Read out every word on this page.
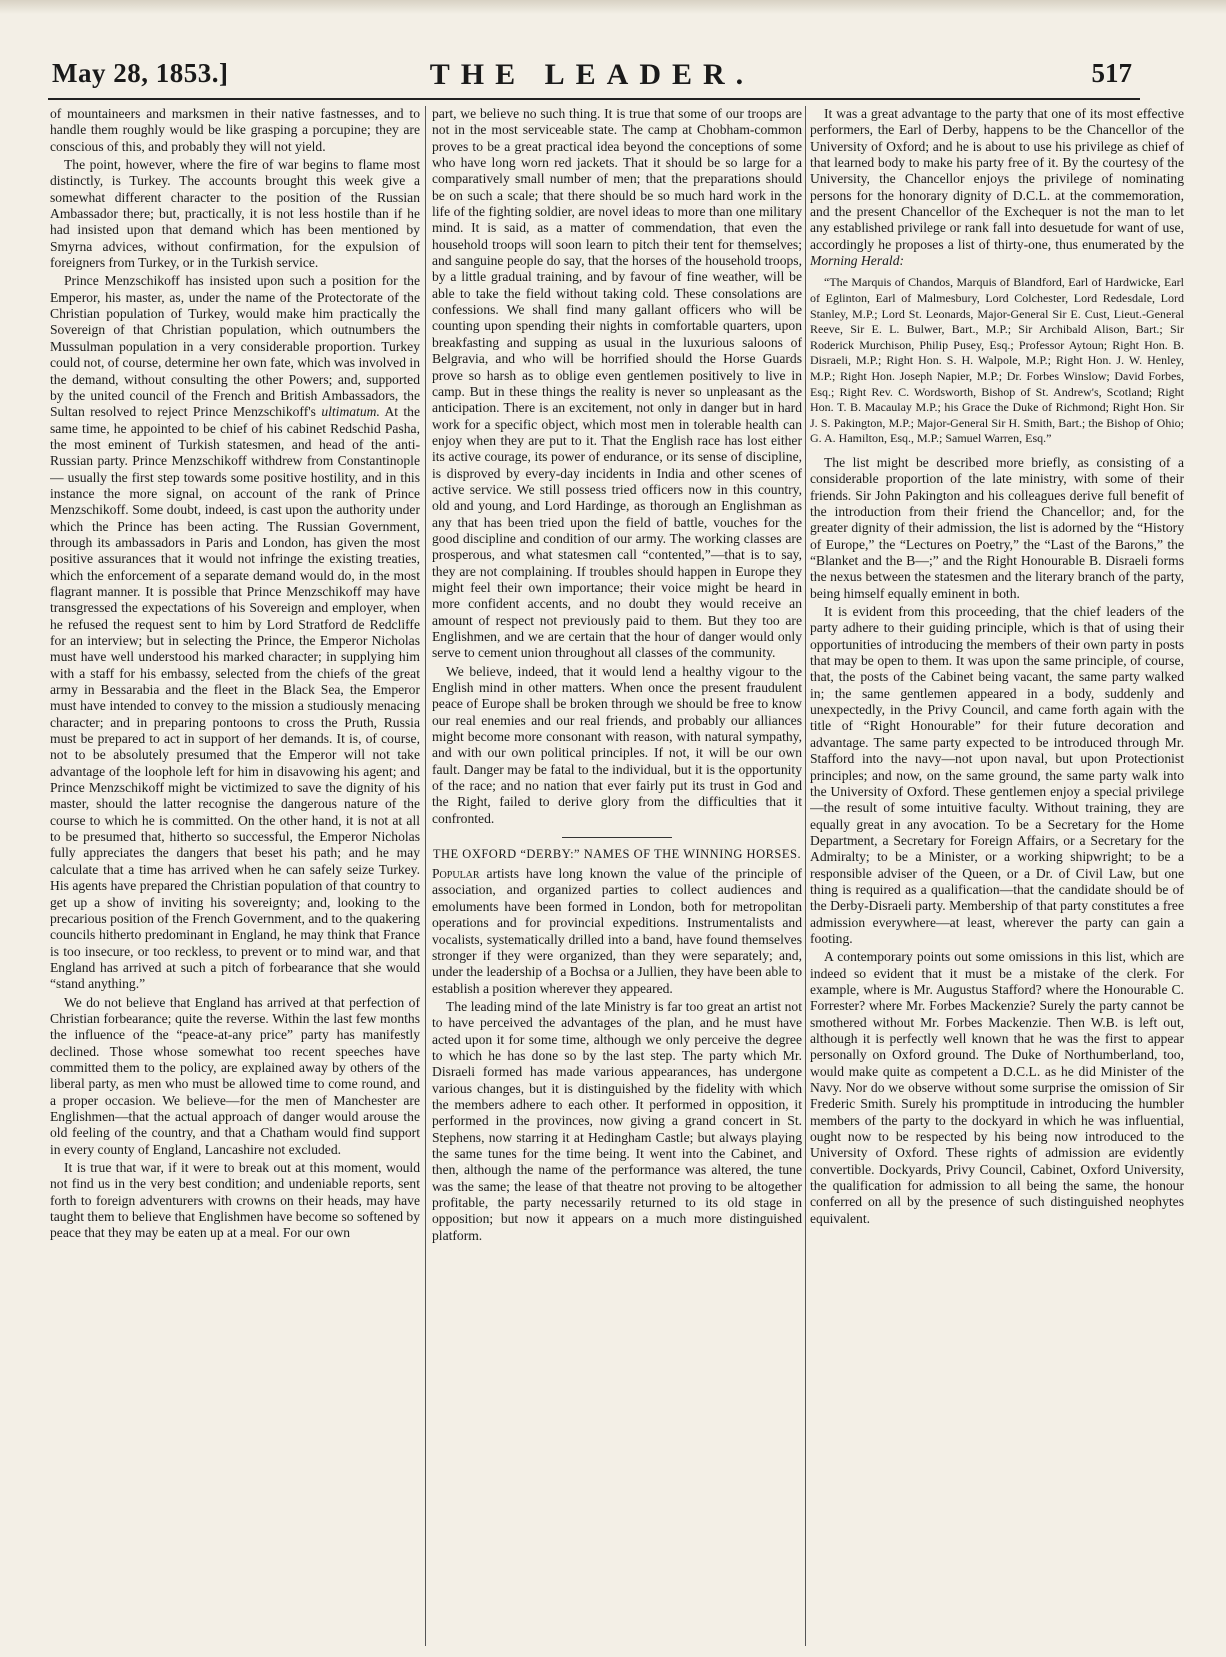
May 28, 1853.]	THE LEADER.	517

of mountaineers and marksmen in their native fastnesses, and to handle them roughly would be like grasping a porcupine; they are conscious of this, and probably they will not yield.

The point, however, where the fire of war begins to flame most distinctly, is Turkey. The accounts brought this week give a somewhat different character to the position of the Russian Ambassador there; but, practically, it is not less hostile than if he had insisted upon that demand which has been mentioned by Smyrna advices, without confirmation, for the expulsion of foreigners from Turkey, or in the Turkish service.

Prince Menzschikoff has insisted upon such a position for the Emperor, his master, as, under the name of the Protectorate of the Christian population of Turkey, would make him practically the Sovereign of that Christian population, which outnumbers the Mussulman population in a very considerable proportion. Turkey could not, of course, determine her own fate, which was involved in the demand, without consulting the other Powers; and, supported by the united council of the French and British Ambassadors, the Sultan resolved to reject Prince Menzschikoff's ultimatum. At the same time, he appointed to be chief of his cabinet Redschid Pasha, the most eminent of Turkish statesmen, and head of the anti-Russian party. Prince Menzschikoff withdrew from Constantinople — usually the first step towards some positive hostility, and in this instance the more signal, on account of the rank of Prince Menzschikoff. Some doubt, indeed, is cast upon the authority under which the Prince has been acting. The Russian Government, through its ambassadors in Paris and London, has given the most positive assurances that it would not infringe the existing treaties, which the enforcement of a separate demand would do, in the most flagrant manner. It is possible that Prince Menzschikoff may have transgressed the expectations of his Sovereign and employer, when he refused the request sent to him by Lord Stratford de Redcliffe for an interview; but in selecting the Prince, the Emperor Nicholas must have well understood his marked character; in supplying him with a staff for his embassy, selected from the chiefs of the great army in Bessarabia and the fleet in the Black Sea, the Emperor must have intended to convey to the mission a studiously menacing character; and in preparing pontoons to cross the Pruth, Russia must be prepared to act in support of her demands. It is, of course, not to be absolutely presumed that the Emperor will not take advantage of the loophole left for him in disavowing his agent; and Prince Menzschikoff might be victimized to save the dignity of his master, should the latter recognise the dangerous nature of the course to which he is committed. On the other hand, it is not at all to be presumed that, hitherto so successful, the Emperor Nicholas fully appreciates the dangers that beset his path; and he may calculate that a time has arrived when he can safely seize Turkey. His agents have prepared the Christian population of that country to get up a show of inviting his sovereignty; and, looking to the precarious position of the French Government, and to the quakering councils hitherto predominant in England, he may think that France is too insecure, or too reckless, to prevent or to mind war, and that England has arrived at such a pitch of forbearance that she would “stand anything.”

We do not believe that England has arrived at that perfection of Christian forbearance; quite the reverse. Within the last few months the influence of the “peace-at-any price” party has manifestly declined. Those whose somewhat too recent speeches have committed them to the policy, are explained away by others of the liberal party, as men who must be allowed time to come round, and a proper occasion. We believe—for the men of Manchester are Englishmen—that the actual approach of danger would arouse the old feeling of the country, and that a Chatham would find support in every county of England, Lancashire not excluded.

It is true that war, if it were to break out at this moment, would not find us in the very best condition; and undeniable reports, sent forth to foreign adventurers with crowns on their heads, may have taught them to believe that Englishmen have become so softened by peace that they may be eaten up at a meal. For our own

part, we believe no such thing. It is true that some of our troops are not in the most serviceable state. The camp at Chobham-common proves to be a great practical idea beyond the conceptions of some who have long worn red jackets. That it should be so large for a comparatively small number of men; that the preparations should be on such a scale; that there should be so much hard work in the life of the fighting soldier, are novel ideas to more than one military mind. It is said, as a matter of commendation, that even the household troops will soon learn to pitch their tent for themselves; and sanguine people do say, that the horses of the household troops, by a little gradual training, and by favour of fine weather, will be able to take the field without taking cold. These consolations are confessions. We shall find many gallant officers who will be counting upon spending their nights in comfortable quarters, upon breakfasting and supping as usual in the luxurious saloons of Belgravia, and who will be horrified should the Horse Guards prove so harsh as to oblige even gentlemen positively to live in camp. But in these things the reality is never so unpleasant as the anticipation. There is an excitement, not only in danger but in hard work for a specific object, which most men in tolerable health can enjoy when they are put to it. That the English race has lost either its active courage, its power of endurance, or its sense of discipline, is disproved by every-day incidents in India and other scenes of active service. We still possess tried officers now in this country, old and young, and Lord Hardinge, as thorough an Englishman as any that has been tried upon the field of battle, vouches for the good discipline and condition of our army. The working classes are prosperous, and what statesmen call “contented,”—that is to say, they are not complaining. If troubles should happen in Europe they might feel their own importance; their voice might be heard in more confident accents, and no doubt they would receive an amount of respect not previously paid to them. But they too are Englishmen, and we are certain that the hour of danger would only serve to cement union throughout all classes of the community.

We believe, indeed, that it would lend a healthy vigour to the English mind in other matters. When once the present fraudulent peace of Europe shall be broken through we should be free to know our real enemies and our real friends, and probably our alliances might become more consonant with reason, with natural sympathy, and with our own political principles. If not, it will be our own fault. Danger may be fatal to the individual, but it is the opportunity of the race; and no nation that ever fairly put its trust in God and the Right, failed to derive glory from the difficulties that it confronted.

THE OXFORD “DERBY:” NAMES OF THE WINNING HORSES.

Popular artists have long known the value of the principle of association, and organized parties to collect audiences and emoluments have been formed in London, both for metropolitan operations and for provincial expeditions. Instrumentalists and vocalists, systematically drilled into a band, have found themselves stronger if they were organized, than they were separately; and, under the leadership of a Bochsa or a Jullien, they have been able to establish a position wherever they appeared.

The leading mind of the late Ministry is far too great an artist not to have perceived the advantages of the plan, and he must have acted upon it for some time, although we only perceive the degree to which he has done so by the last step. The party which Mr. Disraeli formed has made various appearances, has undergone various changes, but it is distinguished by the fidelity with which the members adhere to each other. It performed in opposition, it performed in the provinces, now giving a grand concert in St. Stephens, now starring it at Hedingham Castle; but always playing the same tunes for the time being. It went into the Cabinet, and then, although the name of the performance was altered, the tune was the same; the lease of that theatre not proving to be altogether profitable, the party necessarily returned to its old stage in opposition; but now it appears on a much more distinguished platform.

It was a great advantage to the party that one of its most effective performers, the Earl of Derby, happens to be the Chancellor of the University of Oxford; and he is about to use his privilege as chief of that learned body to make his party free of it. By the courtesy of the University, the Chancellor enjoys the privilege of nominating persons for the honorary dignity of D.C.L. at the commemoration, and the present Chancellor of the Exchequer is not the man to let any established privilege or rank fall into desuetude for want of use, accordingly he proposes a list of thirty-one, thus enumerated by the Morning Herald:

“The Marquis of Chandos, Marquis of Blandford, Earl of Hardwicke, Earl of Eglinton, Earl of Malmesbury, Lord Colchester, Lord Redesdale, Lord Stanley, M.P.; Lord St. Leonards, Major-General Sir E. Cust, Lieut.-General Reeve, Sir E. L. Bulwer, Bart., M.P.; Sir Archibald Alison, Bart.; Sir Roderick Murchison, Philip Pusey, Esq.; Professor Aytoun; Right Hon. B. Disraeli, M.P.; Right Hon. S. H. Walpole, M.P.; Right Hon. J. W. Henley, M.P.; Right Hon. Joseph Napier, M.P.; Dr. Forbes Winslow; David Forbes, Esq.; Right Rev. C. Wordsworth, Bishop of St. Andrew's, Scotland; Right Hon. T. B. Macaulay M.P.; his Grace the Duke of Richmond; Right Hon. Sir J. S. Pakington, M.P.; Major-General Sir H. Smith, Bart.; the Bishop of Ohio; G. A. Hamilton, Esq., M.P.; Samuel Warren, Esq.”

The list might be described more briefly, as consisting of a considerable proportion of the late ministry, with some of their friends. Sir John Pakington and his colleagues derive full benefit of the introduction from their friend the Chancellor; and, for the greater dignity of their admission, the list is adorned by the “History of Europe,” the “Lectures on Poetry,” the “Last of the Barons,” the “Blanket and the B—;” and the Right Honourable B. Disraeli forms the nexus between the statesmen and the literary branch of the party, being himself equally eminent in both.

It is evident from this proceeding, that the chief leaders of the party adhere to their guiding principle, which is that of using their opportunities of introducing the members of their own party in posts that may be open to them. It was upon the same principle, of course, that, the posts of the Cabinet being vacant, the same party walked in; the same gentlemen appeared in a body, suddenly and unexpectedly, in the Privy Council, and came forth again with the title of “Right Honourable” for their future decoration and advantage. The same party expected to be introduced through Mr. Stafford into the navy—not upon naval, but upon Protectionist principles; and now, on the same ground, the same party walk into the University of Oxford. These gentlemen enjoy a special privilege—the result of some intuitive faculty. Without training, they are equally great in any avocation. To be a Secretary for the Home Department, a Secretary for Foreign Affairs, or a Secretary for the Admiralty; to be a Minister, or a working shipwright; to be a responsible adviser of the Queen, or a Dr. of Civil Law, but one thing is required as a qualification—that the candidate should be of the Derby-Disraeli party. Membership of that party constitutes a free admission everywhere—at least, wherever the party can gain a footing.

A contemporary points out some omissions in this list, which are indeed so evident that it must be a mistake of the clerk. For example, where is Mr. Augustus Stafford? where the Honourable C. Forrester? where Mr. Forbes Mackenzie? Surely the party cannot be smothered without Mr. Forbes Mackenzie. Then W.B. is left out, although it is perfectly well known that he was the first to appear personally on Oxford ground. The Duke of Northumberland, too, would make quite as competent a D.C.L. as he did Minister of the Navy. Nor do we observe without some surprise the omission of Sir Frederic Smith. Surely his promptitude in introducing the humbler members of the party to the dockyard in which he was influential, ought now to be respected by his being now introduced to the University of Oxford. These rights of admission are evidently convertible. Dockyards, Privy Council, Cabinet, Oxford University, the qualification for admission to all being the same, the honour conferred on all by the presence of such distinguished neophytes equivalent.
